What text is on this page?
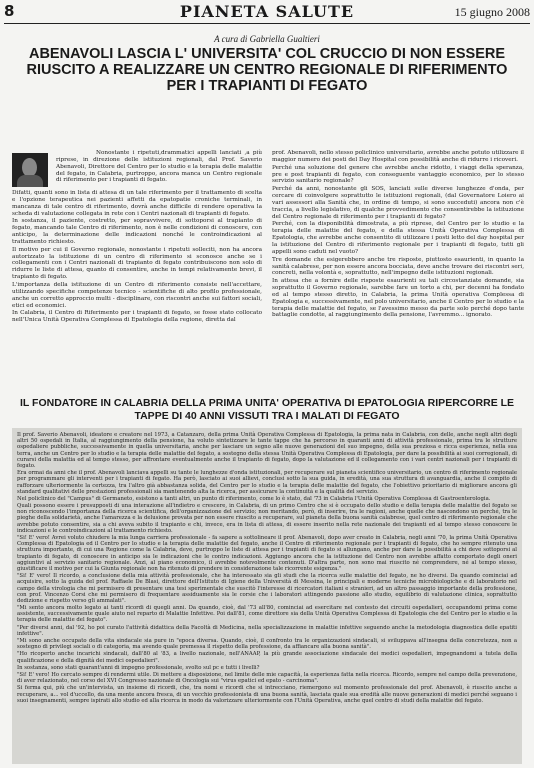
8	PIANETA SALUTE	15 giugno 2008
A cura di Gabriella Gualtieri
ABENAVOLI LASCIA L' UNIVERSITA' COL CRUCCIO DI NON ESSERE RIUSCITO A REALIZZARE UN CENTRO REGIONALE DI RIFERIMENTO PER I TRAPIANTI DI FEGATO

Nonostante i ripetuti,drammatici appelli lanciati ,a più riprese, in direzione delle istituzioni regionali, dal Prof. Saverio Abenavoli, Direttore del Centro per lo studio e la terapia delle malattie del fegato, in Calabria, purtroppo, ancora manca un Centro regionale di riferimento per i trapianti di fegato.

Difatti, quanti sono in lista di attesa di un tale riferimento per il trattamento di scelta e l'opzione terapeutica nei pazienti affetti da epatopatie croniche terminali, in mancanza di tale centro di riferimento, dovrà anche difficile di rendere operativa la scheda di valutazione collegata in rete con i Centri nazionali di trapianti di fegato.

In sostanza, il paziente, costretto, per sopravvivere, di sottoporsi al trapianto di fegato, mancando tale Centro di riferimento, non è nelle condizioni di conoscere, con anticipo, la determinazione delle indicazioni nonché le controindicazioni al trattamento richiesto.

Il motivo per cui il Governo regionale, nonostante i ripetuti solleciti, non ha ancora autorizzato la istituzione di un centro di riferimento si sconosce anche se i collegamenti con i Centri nazionali di trapianto di fegato contribuiscono non solo di ridurre le liste di attesa, quanto di consentire, anche in tempi relativamente brevi, il trapianto di fegato.

L'importanza della istituzione di un Centro di riferimento consiste nell'accettare, utilizzando specifiche competenze tecnico - scientifiche di alto profilo professionale, anche un corretto approccio multi - disciplinare, con riscontri anche sui fattori sociali, etici ed economici.

In Calabria, il Centro di Riferimento per i trapianti di fegato, se fosse stato collocato nell'Unica Unità Operativa Complessa di Epatologia della regione, diretta dal

prof. Abenavoli, nello stesso policlinico universitario, avrebbe anche potuto utilizzare il maggior numero dei posti del Day Hospital con possibilità anche di ridurre i ricoveri.

Perché una soluzione del genere che avrebbe anche ridotto, i viaggi della speranza, pre e post trapianti di fegato, con conseguente vantaggio economico, per lo stesso servizio sanitario regionale?

Perché da anni, nonostante gli SOS, lanciati sulle diverse lunghezze d'onda, per cercare di coinvolgere soprattutto le istituzioni regionali, (dal Governatore Loiero ai vari assessori alla Sanità che, in ordine di tempo, si sono succeduti) ancora non c'è traccia, a livello legislativo, di qualche provvedimento che consentirebbe la istituzione del Centro regionale di riferimento per i trapianti di fegato?

Perché, con la disponibilità dimostrata, a più riprese, del Centro per lo studio e la terapia delle malattie del fegato, e della stessa Unità Operativa Complessa di Epatologia, che avrebbe anche consentito di utilizzare i posti letto del day hospital per la istituzione del Centro di riferimento regionale per i trapianti di fegato, tutti gli appelli sono caduti nel vuoto?

Tre domande che esigerebbero anche tre risposte, piuttosto esaurienti, in quanto la sanità calabrese, per non essere ancora bocciata, deve anche trovare dei riscontri seri, concreti, nella volontà e, soprattutto, nell'impegno delle istituzioni regionali.

In attesa che a fornire delle risposte esaurienti su tali circostanziate domande, sia soprattutto il Governo regionale, sarebbe fare un torto a chi, per decenni ha fondato ed al tempo stesso diretto, in Calabria, la prima Unità operativa Complessa di Epatologia e, successivamente, nel polo universitario, anche il Centro per lo studio e la terapia delle malattie del fegato, se l'avessimo messo da parte solo perché dopo tante battaglie condotte, al raggiungimento della pensione, l'avremmo... ignorato.

IL FONDATORE IN CALABRIA DELLA PRIMA UNITA' OPERATIVA DI EPATOLOGIA RIPERCORRE LE TAPPE DI 40 ANNI VISSUTI TRA I MALATI DI FEGATO

Il prof. Saverio Abenavoli, ideatore e creatore nel 1973, a Catanzaro, della prima Unità Operativa Complessa di Epatologia, la prima nata in Calabria, con delle, anche negli altri degli altri 50 ospedali in Italia, al raggiungimento della pensione, ha voluto sintetizzare le tante tappe che ha percorso in quaranti anni di attività professionale, prima tra le strutture ospedaliere pubbliche, successivamente in quella universitaria, anche per lasciare un segno alle nuove generazioni del suo impegno, della sua preziosa e ricca esperienza, nella sua terra, anche un Centro per lo studio e la terapia delle malattie del fegato, a sostegno della stessa Unità Operativa Complessa di Epatologia, per dare la possibilità ai suoi corregionali, di curarsi della malattia ed al tempo stesso, per affrontare eventualmente anche il trapianto di fegato, dopo la valutazione ed il collegamento con i vari centri nazionali per i trapianti di fegato.

Era ormai da anni che il prof. Abenavoli lanciava appelli su tante le lunghezze d'onda istituzionali, per recuperare sul pianeta scientifico universitario, un centro di riferimento regionale per programmare gli interventi per i trapianti di fegato. Ha però, lasciato ai suoi allievi, conclusi sotto la sua guida, in eredità, una sua struttura di avanguardia, anche il compito di rafforzare ulteriormente la certezza, tra l'altro già abbastanza solida, del Centro per lo studio e la terapia delle malattie del fegato, che l'obiettivo prioritario di migliorare ancora gli standard qualitativi delle prestazioni professionali sia mantenendo alta la ricerca, per assicurare la continuità e la qualità del servizio.

Nel policlinico del "Campus" di Germaneto, esistono a tanti altri, un punto di riferimento, come lo è stato, dal '73 in Calabria l'Unità Operativa Complessa di Gastroenterologia.

Quali possono essere i presupposti di una interazione all'indietro e crescere, in Calabria, di un primo Centro che si è occupato dello studio e della terapia delle malattie del fegato se non riconoscendo l'importanza della ricerca scientifica, dell'organizzazione del servizio; non meritando, però, di inserire, tra le ragioni, anche quelle che nascondono un perché, tra le pieghe della solidarietà, anche l'amarezza e la delusione provata per non essere riuscito a recuperare, sul pianeta della buona sanità calabrese, quel centro di riferimento regionale che avrebbe potuto consentire, sia a chi aveva subito il trapianto e chi, invece, era in lista di attesa, di essere inserito nella rete nazionale dei trapianti ed al tempo stesso conoscere le indicazioni e le controindicazioni al trattamento richiesto.

"Si! E' vero! Avrei voluto chiudere la mia lunga carriera professionale - fa sapere a sottolineare il prof. Abenavoli, dopo aver creato in Calabria, negli anni '70, la prima Unità Operativa Complessa di Epatologia ed il Centro per lo studio e la terapia delle malattie del fegato, anche il Centro di riferimento regionale per i trapianti di fegato, che ho sempre ritenuto una struttura importante, di cui una Regione come la Calabria, deve, purtroppo le liste di attesa per i trapianti di fegato si allungano, anche per dare la possibilità a chi deve sottoporsi al trapianto di fegato, di conoscere in anticipo sia le indicazioni che le contro indicazioni. Aggiungo ancora che la istituzione del Centro non avrebbe affatto comportato degli oneri aggiuntivi al servizio sanitario regionale. Anzi, al piano economico, il avrebbe notevolmente contenuti. D'altra parte, non sono mai riuscito né comprendere, né al tempo stesso, giustificare il motivo per cui la Giunta regionale non ha ritenuto di prendere in considerazione tale ricorrente esigenza."

"Si! E' vero! Il ricordo, a conclusione della mia attività professionale, che ha interessato sia gli studi che la ricerca sulle malattie del fegato, ne ho diversi. Da quando cominciai ad acquisire, sotto la guida del prof. Raffaele De Blasi, direttore dell'Istituto di Igiene della Università di Messina, le principali e moderne tecniche microbiologiche e di laboratorio nel campo della virologia che mi permisero di presentare una tesi sperimentale che suscitò l'interesse di ricercatori italiani e stranieri, ad un altro passaggio importante della professione, con prof. Vincenzo Corsi che mi permisero di frequentare assiduamente sia le corsie che i laboratori attingendo passione allo studio, equilibrio di valutazione clinica, soprattutto dedizione e rispetto verso gli ammalati".

"Mi sento ancora molto legato ai tanti ricordi di quegli anni. Da quando, cioè, dal '73 all'80, cominciai ad esercitare nel contesto dei circuiti ospedalieri, occupandomi prima come assistente, successivamente quale aiuto nel reparto di Malattie Infettive. Poi dall'81, come direttore sia della Unità Operativa Complessa di Epatologia che del Centro per lo studio e la terapia delle malattie del fegato".

"Per diversi anni, dal '92, ho poi curato l'attività didattica della Facoltà di Medicina, nella specializzazione in malattie infettive seguendo anche la metodologia diagnostica delle epatiti infettive".

"Mi sono anche occupato della vita sindacale sia pure in "epoca diversa. Quando, cioè, il confronto tra le organizzazioni sindacali, si sviluppava all'insegna della concretezza, non a sostegno di privilegi sociali o di categoria, ma avendo quale premessa il rispetto della professione, da affiancare alla buona sanità".

"Ho ricoperto anche incarichi sindacali, dall'80 al '83, a livello nazionale, nell'ANAAP, la più grande associazione sindacale dei medici ospedalieri, impegnandomi a tutela della qualificazione e della dignità dei medici ospedalieri".

In sostanza, sono stati quarant'anni di impegno professionale, svolto sul pc e tutti i livelli?

"Si! E' vero! Ho cercato sempre di rendermi utile. Di mettere a disposizione, nel limite delle mie capacità, la esperienza fatta nella ricerca. Ricordo, sempre nel campo della prevenzione, di aver relazionato, nel corso del XVI Congresso nazionale di Oncologia sui "virus epatici ed epato - carcinoma".

Si ferma qui, più che un'intervista, un insieme di ricordi, che, tra nomi e ricordi che si intrecciano, riemergono sul momento professionale del prof. Abenavoli, è riuscito anche a recuperare, a... vol d'uccello, da una mente ancora fresca, di un vecchio professionista di una buona sanità, lasciata quale sua eredità alle nuove generazioni di medici perché seguano i suoi insegnamenti, sempre ispirati allo studio ed alla ricerca in modo da valorizzare ulteriormente con l'Unità Operativa, anche quel centro di studi della malattie del fegato.
